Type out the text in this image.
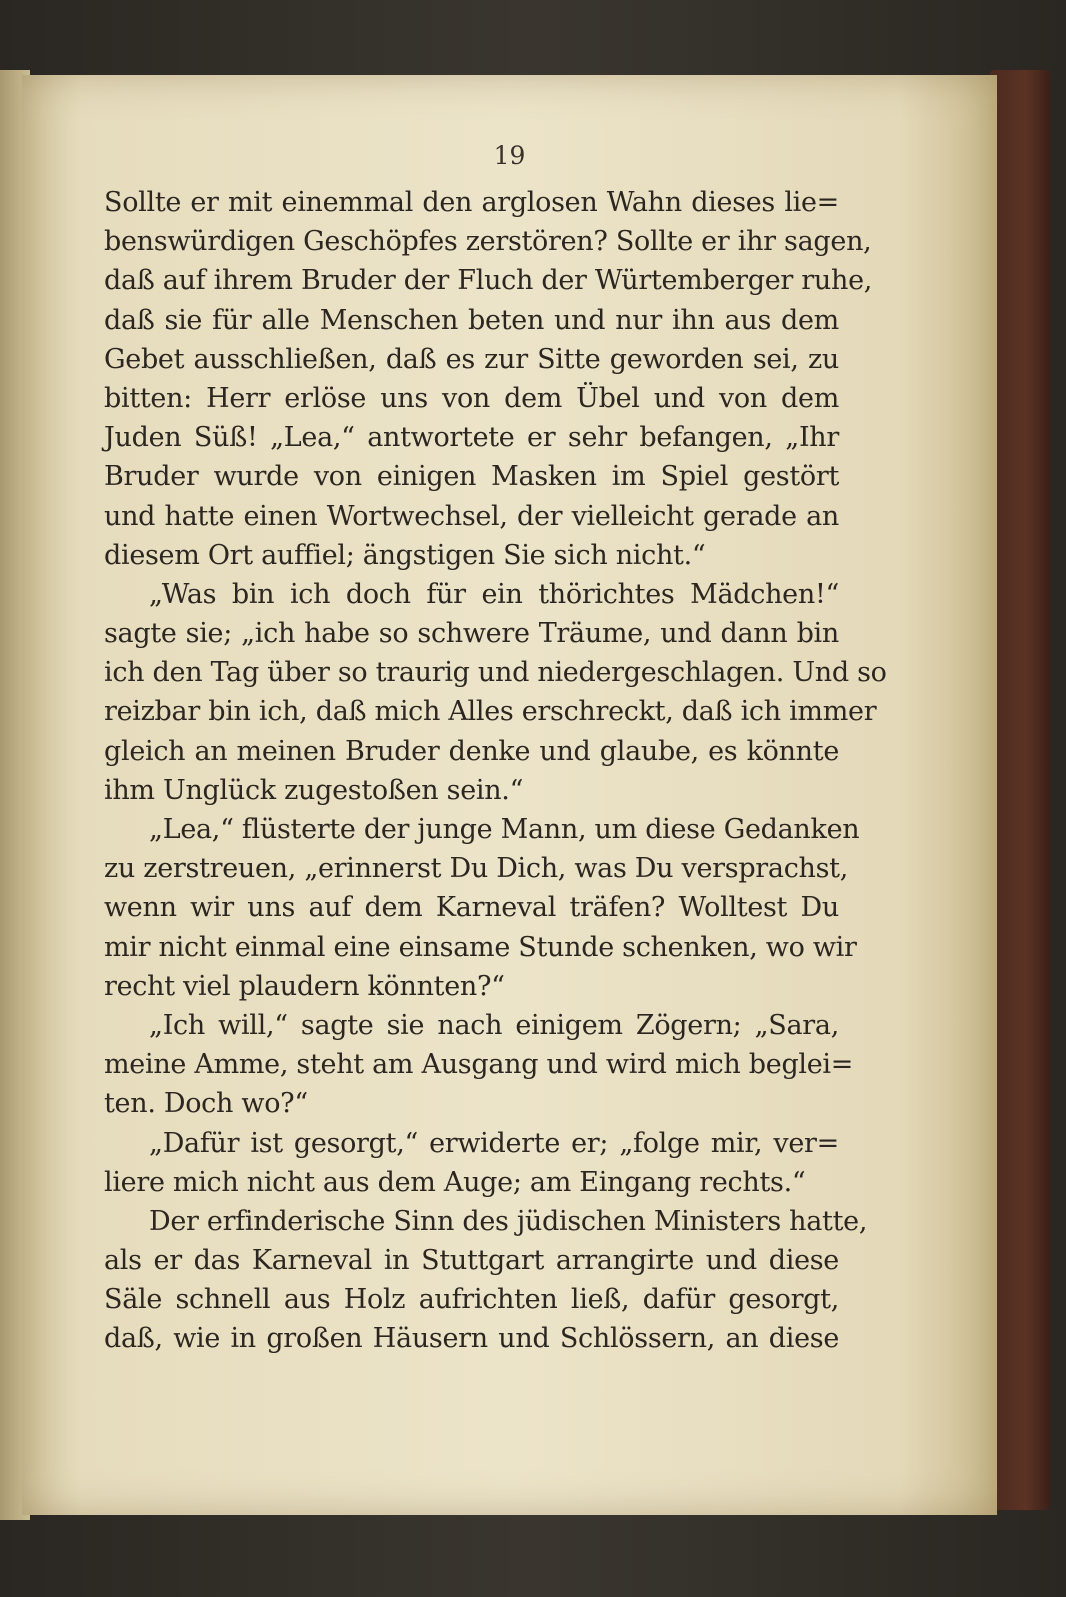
19
Sollte er mit einemmal den arglosen Wahn dieses lie=
benswürdigen Geschöpfes zerstören? Sollte er ihr sagen,
daß auf ihrem Bruder der Fluch der Würtemberger ruhe,
daß sie für alle Menschen beten und nur ihn aus dem
Gebet ausschließen, daß es zur Sitte geworden sei, zu
bitten: Herr erlöse uns von dem Übel und von dem
Juden Süß! „Lea,“ antwortete er sehr befangen, „Ihr
Bruder wurde von einigen Masken im Spiel gestört
und hatte einen Wortwechsel, der vielleicht gerade an
diesem Ort auffiel; ängstigen Sie sich nicht.“
„Was bin ich doch für ein thörichtes Mädchen!“
sagte sie; „ich habe so schwere Träume, und dann bin
ich den Tag über so traurig und niedergeschlagen. Und so
reizbar bin ich, daß mich Alles erschreckt, daß ich immer
gleich an meinen Bruder denke und glaube, es könnte
ihm Unglück zugestoßen sein.“
„Lea,“ flüsterte der junge Mann, um diese Gedanken
zu zerstreuen, „erinnerst Du Dich, was Du versprachst,
wenn wir uns auf dem Karneval träfen? Wolltest Du
mir nicht einmal eine einsame Stunde schenken, wo wir
recht viel plaudern könnten?“
„Ich will,“ sagte sie nach einigem Zögern; „Sara,
meine Amme, steht am Ausgang und wird mich beglei=
ten. Doch wo?“
„Dafür ist gesorgt,“ erwiderte er; „folge mir, ver=
liere mich nicht aus dem Auge; am Eingang rechts.“
Der erfinderische Sinn des jüdischen Ministers hatte,
als er das Karneval in Stuttgart arrangirte und diese
Säle schnell aus Holz aufrichten ließ, dafür gesorgt,
daß, wie in großen Häusern und Schlössern, an diese
